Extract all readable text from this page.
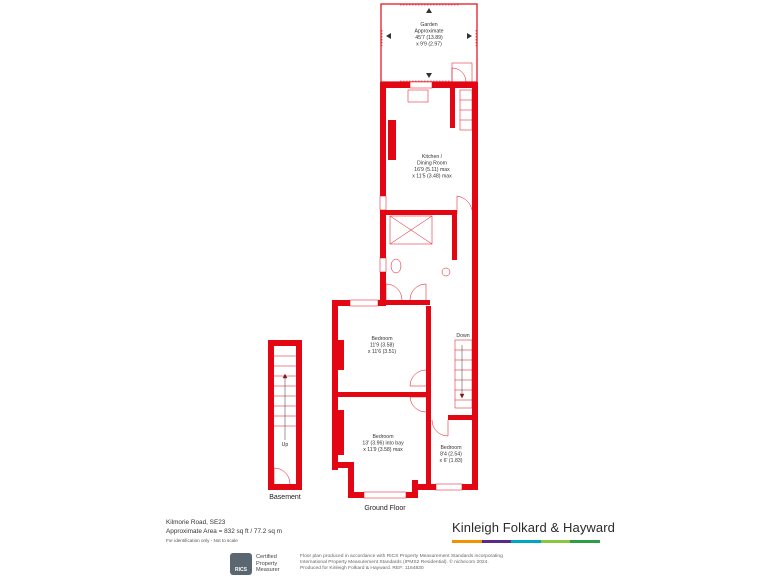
Garden Approximate 45'7 (13.89) x 9'9 (2.97)
Kitchen / Dining Room 16'9 (5.11) max x 11'5 (3.48) max
Bedroom 11'9 (3.58) x 11'6 (3.51)
Bedroom 13' (3.96) into bay x 11'9 (3.58) max	Bedroom 8'4 (2.54) x 6' (1.83)
Down
Up
Basement
Ground Floor
Kilmorie Road, SE23
Approximate Area = 832 sq ft / 77.2 sq m
For identification only - Not to scale
Kinleigh Folkard & Hayward
RICS
Certified
Property
Measurer
Floor plan produced in accordance with RICS Property Measurement Standards incorporating
International Property Measurement Standards (IPMS2 Residential). © nichecom 2024.
Produced for Kinleigh Folkard & Hayward. REF: 1164830
